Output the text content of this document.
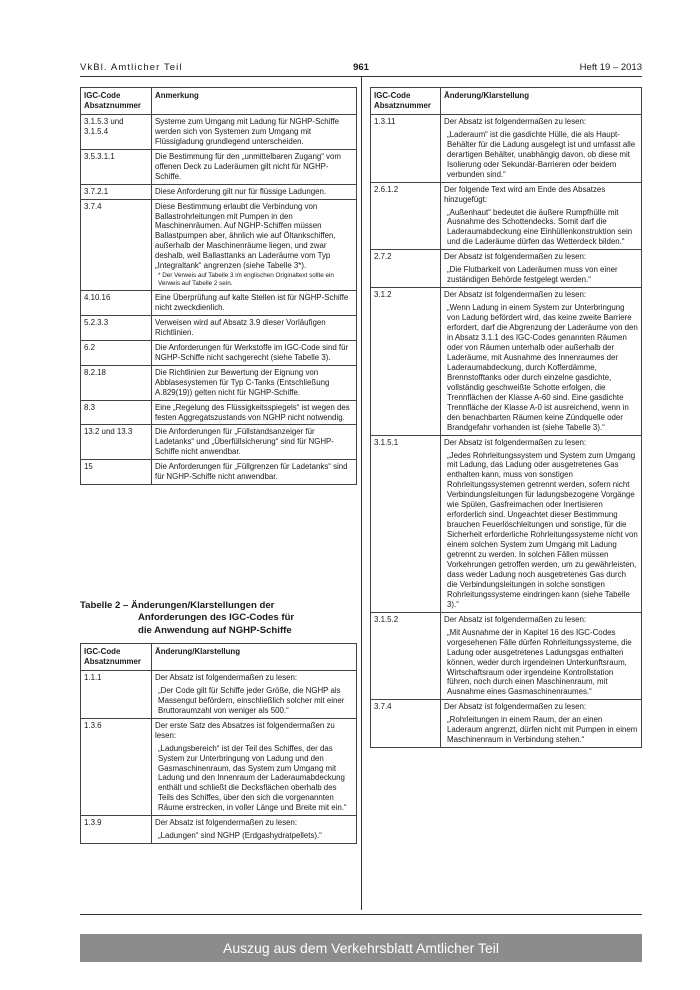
VkBl. Amtlicher Teil	961	Heft 19 – 2013
IGC-Code Absatznummer	Anmerkung
3.1.5.3 und 3.1.5.4	Systeme zum Umgang mit Ladung für NGHP-Schiffe werden sich von Systemen zum Umgang mit Flüssigladung grundlegend unterscheiden.
3.5.3.1.1	Die Bestimmung für den „unmittelbaren Zugang“ vom offenen Deck zu Laderäumen gilt nicht für NGHP-Schiffe.
3.7.2.1	Diese Anforderung gilt nur für flüssige Ladungen.
3.7.4	Diese Bestimmung erlaubt die Verbindung von Ballastrohrleitungen mit Pumpen in den Maschinenräumen. Auf NGHP-Schiffen müssen Ballastpumpen aber, ähnlich wie auf Öltankschiffen, außerhalb der Maschinenräume liegen, und zwar deshalb, weil Ballasttanks an Laderäume vom Typ „Integraltank“ angrenzen (siehe Tabelle 3*).
* Der Verweis auf Tabelle 3 im englischen Originaltext sollte ein Verweis auf Tabelle 2 sein.

4.10.16	Eine Überprüfung auf kalte Stellen ist für NGHP-Schiffe nicht zweckdienlich.
5.2.3.3	Verweisen wird auf Absatz 3.9 dieser Vorläufigen Richtlinien.
6.2	Die Anforderungen für Werkstoffe im IGC-Code sind für NGHP-Schiffe nicht sachgerecht (siehe Tabelle 3).
8.2.18	Die Richtlinien zur Bewertung der Eignung von Abblasesystemen für Typ C-Tanks (Entschließung A.829(19)) gelten nicht für NGHP-Schiffe.
8.3	Eine „Regelung des Flüssigkeitsspiegels“ ist wegen des festen Aggregatszustands von NGHP nicht notwendig.
13.2 und 13.3	Die Anforderungen für „Füllstandsanzeiger für Ladetanks“ und „Überfüllsicherung“ sind für NGHP-Schiffe nicht anwendbar.
15	Die Anforderungen für „Füllgrenzen für Ladetanks“ sind für NGHP-Schiffe nicht anwendbar.
Tabelle 2 – Änderungen/Klarstellungen der
Anforderungen des IGC-Codes für
die Anwendung auf NGHP-Schiffe
IGC-Code Absatznummer	Änderung/Klarstellung
1.1.1	Der Absatz ist folgendermaßen zu lesen:
„Der Code gilt für Schiffe jeder Größe, die NGHP als Massengut befördern, einschließlich solcher mit einer Bruttoraumzahl von weniger als 500.“

1.3.6	Der erste Satz des Absatzes ist folgendermaßen zu lesen:
„Ladungsbereich“ ist der Teil des Schiffes, der das System zur Unterbringung von Ladung und den Gasmaschinenraum, das System zum Umgang mit Ladung und den Innenraum der Laderaumabdeckung enthält und schließt die Decksflächen oberhalb des Teils des Schiffes, über den sich die vorgenannten Räume erstrecken, in voller Länge und Breite mit ein.“

1.3.9	Der Absatz ist folgendermaßen zu lesen:
„Ladungen“ sind NGHP (Erdgashydratpellets).“
IGC-Code Absatznummer	Änderung/Klarstellung
1.3.11	Der Absatz ist folgendermaßen zu lesen:
„Laderaum“ ist die gasdichte Hülle, die als Haupt-Behälter für die Ladung ausgelegt ist und umfasst alle derartigen Behälter, unabhängig davon, ob diese mit Isolierung oder Sekundär-Barrieren oder beidem verbunden sind.“

2.6.1.2	Der folgende Text wird am Ende des Absatzes hinzugefügt:
„Außenhaut“ bedeutet die äußere Rumpfhülle mit Ausnahme des Schottendecks. Somit darf die Laderaumabdeckung eine Einhüllenkonstruktion sein und die Laderäume dürfen das Wetterdeck bilden.“

2.7.2	Der Absatz ist folgendermaßen zu lesen:
„Die Flutbarkeit von Laderäumen muss von einer zuständigen Behörde festgelegt werden.“

3.1.2	Der Absatz ist folgendermaßen zu lesen:
„Wenn Ladung in einem System zur Unterbringung von Ladung befördert wird, das keine zweite Barriere erfordert, darf die Abgrenzung der Laderäume von den in Absatz 3.1.1 des IGC-Codes genannten Räumen oder von Räumen unterhalb oder außerhalb der Laderäume, mit Ausnahme des Innenraumes der Laderaumabdeckung, durch Kofferdämme, Brennstofftanks oder durch einzelne gasdichte, vollständig geschweißte Schotte erfolgen, die Trennflächen der Klasse A-60 sind. Eine gasdichte Trennfläche der Klasse A-0 ist ausreichend, wenn in den benachbarten Räumen keine Zündquelle oder Brandgefahr vorhanden ist (siehe Tabelle 3).“

3.1.5.1	Der Absatz ist folgendermaßen zu lesen:
„Jedes Rohrleitungssystem und System zum Umgang mit Ladung, das Ladung oder ausgetretenes Gas enthalten kann, muss von sonstigen Rohrleitungssystemen getrennt werden, sofern nicht Verbindungsleitungen für ladungsbezogene Vorgänge wie Spülen, Gasfreimachen oder Inertisieren erforderlich sind. Ungeachtet dieser Bestimmung brauchen Feuerlöschleitungen und sonstige, für die Sicherheit erforderliche Rohrleitungssysteme nicht von einem solchen System zum Umgang mit Ladung getrennt zu werden. In solchen Fällen müssen Vorkehrungen getroffen werden, um zu gewährleisten, dass weder Ladung noch ausgetretenes Gas durch die Verbindungsleitungen in solche sonstigen Rohrleitungssysteme eindringen kann (siehe Tabelle 3).“

3.1.5.2	Der Absatz ist folgendermaßen zu lesen:
„Mit Ausnahme der in Kapitel 16 des IGC-Codes vorgesehenen Fälle dürfen Rohrleitungssysteme, die Ladung oder ausgetretenes Ladungsgas enthalten können, weder durch irgendeinen Unterkunftsraum, Wirtschaftsraum oder irgendeine Kontrollstation führen, noch durch einen Maschinenraum, mit Ausnahme eines Gasmaschinenraumes.“

3.7.4	Der Absatz ist folgendermaßen zu lesen:
„Rohrleitungen in einem Raum, der an einen Laderaum angrenzt, dürfen nicht mit Pumpen in einem Maschinenraum in Verbindung stehen.“
Auszug aus dem Verkehrsblatt Amtlicher Teil
